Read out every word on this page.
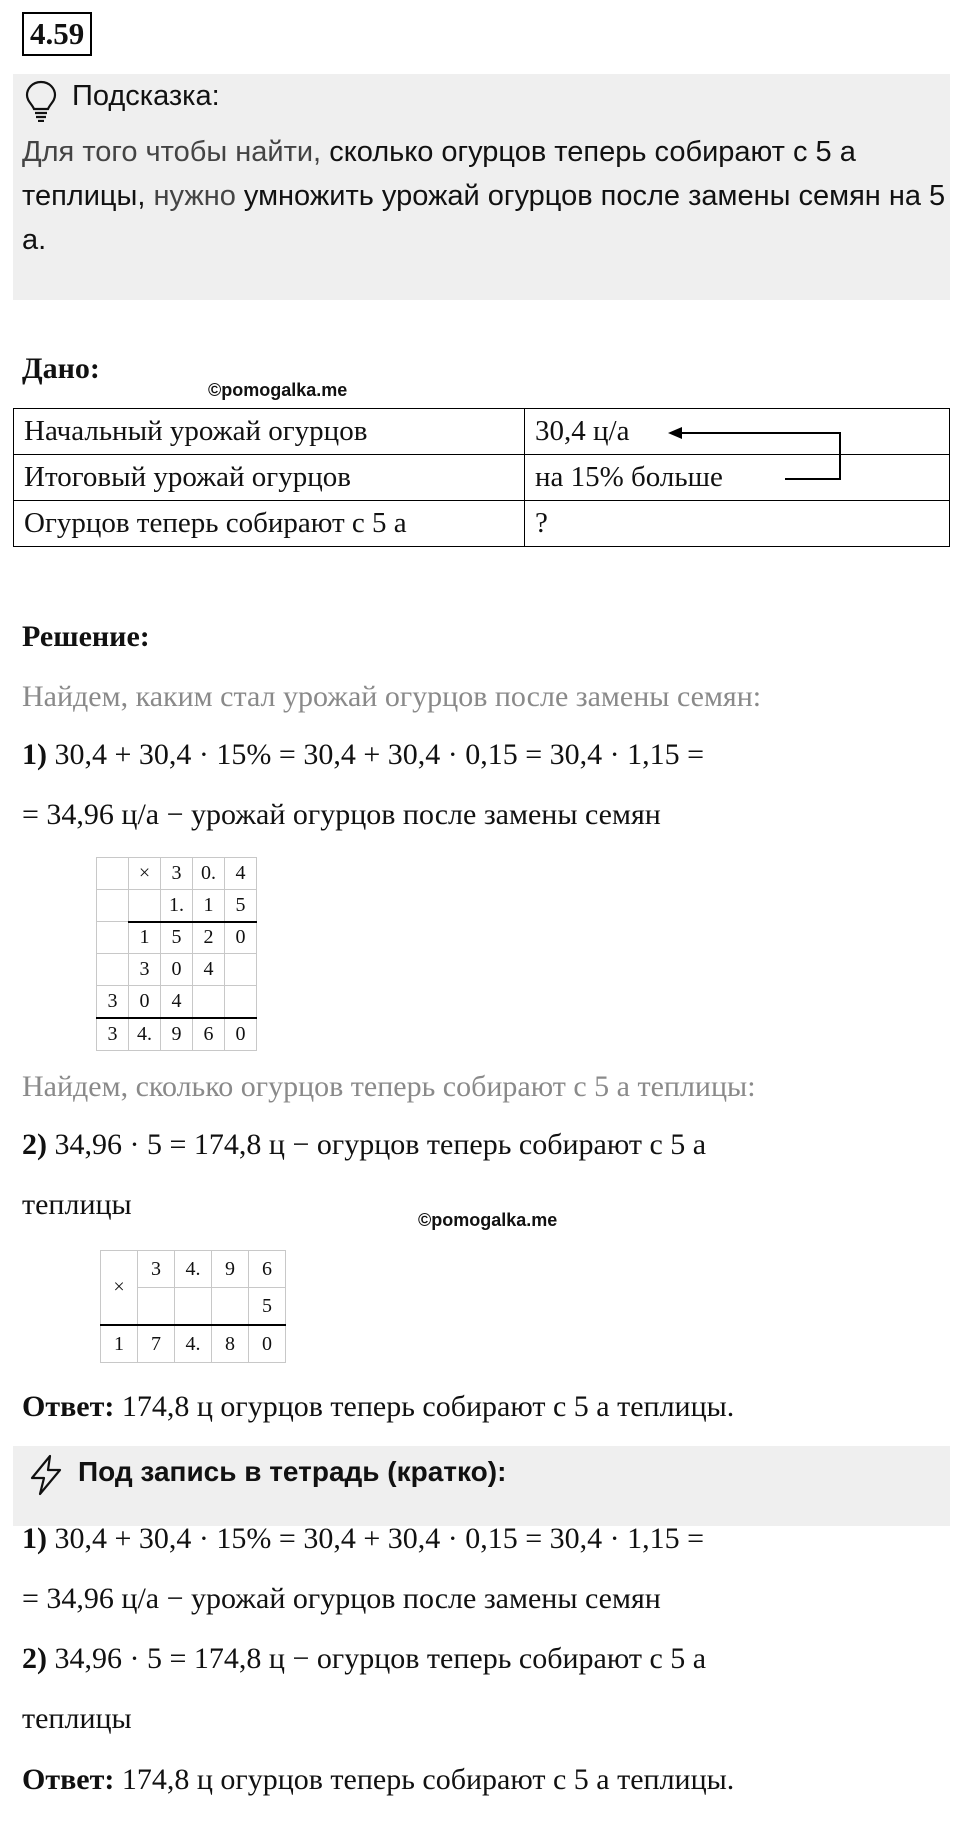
4.59
Подсказка:
Для того чтобы найти, сколько огурцов теперь собирают с 5 а теплицы, нужно умножить урожай огурцов после замены семян на 5 а.
Дано:
©pomogalka.me
Начальный урожай огурцов	30,4 ц/а
Итоговый урожай огурцов	на 15% больше
Огурцов теперь собирают с 5 а	?
Решение:
Найдем, каким стал урожай огурцов после замены семян:
1) 30,4 + 30,4 · 15% = 30,4 + 30,4 · 0,15 = 30,4 · 1,15 =
= 34,96 ц/а − урожай огурцов после замены семян
	×	3	0.	4
		1.	1	5
	1	5	2	0
	3	0	4	
3	0	4		
3	4.	9	6	0
Найдем, сколько огурцов теперь собирают с 5 а теплицы:
2) 34,96 · 5 = 174,8 ц − огурцов теперь собирают с 5 а
теплицы	©pomogalka.me
×	3	4.	9	6
				5
1	7	4.	8	0
Ответ: 174,8 ц огурцов теперь собирают с 5 а теплицы.
Под запись в тетрадь (кратко):
1) 30,4 + 30,4 · 15% = 30,4 + 30,4 · 0,15 = 30,4 · 1,15 =
= 34,96 ц/а − урожай огурцов после замены семян
2) 34,96 · 5 = 174,8 ц − огурцов теперь собирают с 5 а
теплицы
Ответ: 174,8 ц огурцов теперь собирают с 5 а теплицы.
